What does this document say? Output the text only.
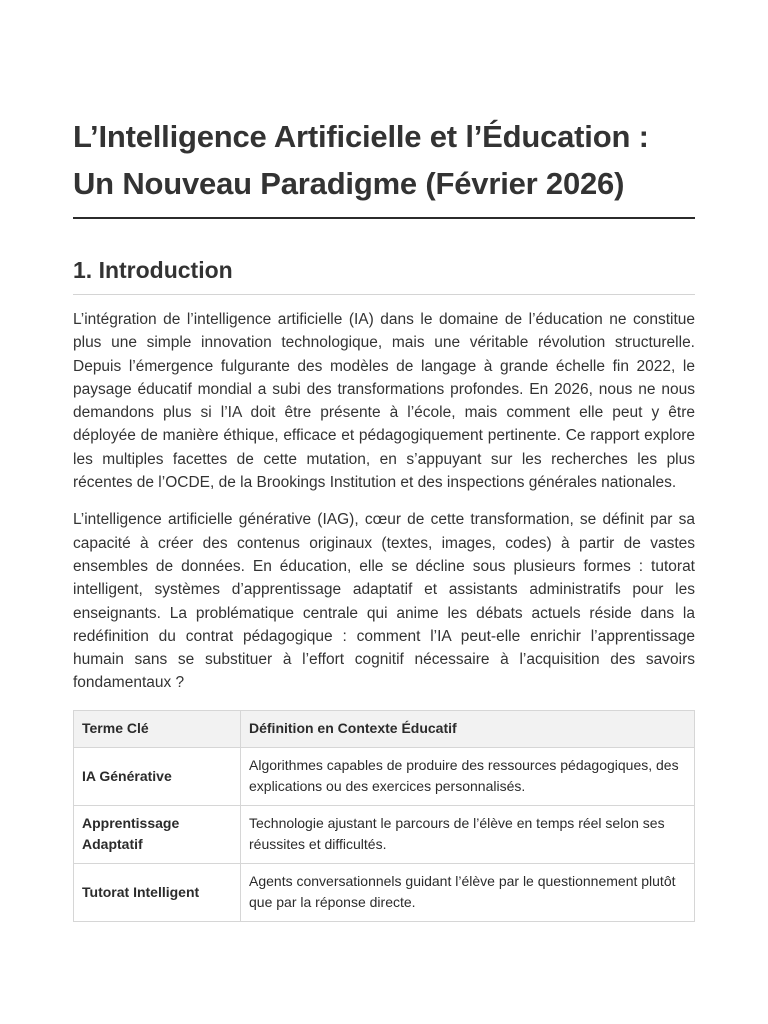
L’Intelligence Artificielle et l’Éducation :
Un Nouveau Paradigme (Février 2026)
1. Introduction

L’intégration de l’intelligence artificielle (IA) dans le domaine de l’éducation ne constitue plus une simple innovation technologique, mais une véritable révolution structurelle. Depuis l’émergence fulgurante des modèles de langage à grande échelle fin 2022, le paysage éducatif mondial a subi des transformations profondes. En 2026, nous ne nous demandons plus si l’IA doit être présente à l’école, mais comment elle peut y être déployée de manière éthique, efficace et pédagogiquement pertinente. Ce rapport explore les multiples facettes de cette mutation, en s’appuyant sur les recherches les plus récentes de l’OCDE, de la Brookings Institution et des inspections générales nationales.

L’intelligence artificielle générative (IAG), cœur de cette transformation, se définit par sa capacité à créer des contenus originaux (textes, images, codes) à partir de vastes ensembles de données. En éducation, elle se décline sous plusieurs formes : tutorat intelligent, systèmes d’apprentissage adaptatif et assistants administratifs pour les enseignants. La problématique centrale qui anime les débats actuels réside dans la redéfinition du contrat pédagogique : comment l’IA peut-elle enrichir l’apprentissage humain sans se substituer à l’effort cognitif nécessaire à l’acquisition des savoirs fondamentaux ?

Terme Clé	Définition en Contexte Éducatif
IA Générative	Algorithmes capables de produire des ressources pédagogiques, des explications ou des exercices personnalisés.
Apprentissage Adaptatif	Technologie ajustant le parcours de l’élève en temps réel selon ses réussites et difficultés.
Tutorat Intelligent	Agents conversationnels guidant l’élève par le questionnement plutôt que par la réponse directe.
